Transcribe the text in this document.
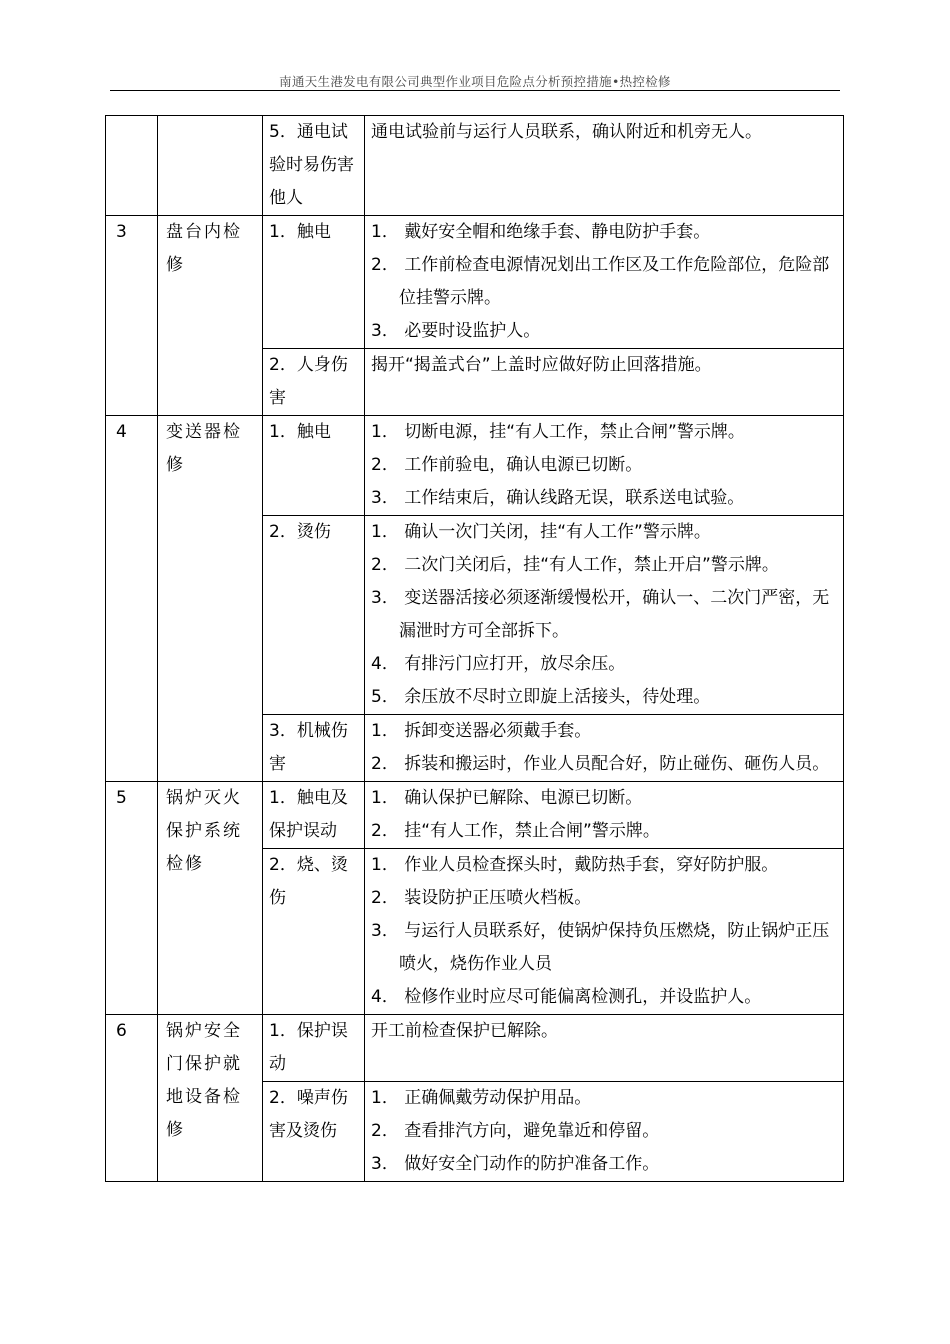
南通天生港发电有限公司典型作业项目危险点分析预控措施•热控检修
		5．通电试验时易伤害他人	通电试验前与运行人员联系，确认附近和机旁无人。
3	盘台内检修	1．触电	1． 戴好安全帽和绝缘手套、静电防护手套。
2． 工作前检查电源情况划出工作区及工作危险部位，危险部位挂警示牌。
3． 必要时设监护人。

		2．人身伤害	揭开“揭盖式台”上盖时应做好防止回落措施。
4	变送器检修	1．触电	1． 切断电源，挂“有人工作，禁止合闸”警示牌。
2． 工作前验电，确认电源已切断。
3． 工作结束后，确认线路无误，联系送电试验。

		2．烫伤	1． 确认一次门关闭，挂“有人工作”警示牌。
2． 二次门关闭后，挂“有人工作，禁止开启”警示牌。
3． 变送器活接必须逐渐缓慢松开，确认一、二次门严密，无漏泄时方可全部拆下。
4． 有排污门应打开，放尽余压。
5． 余压放不尽时立即旋上活接头，待处理。

		3．机械伤害	1． 拆卸变送器必须戴手套。
2． 拆装和搬运时，作业人员配合好，防止碰伤、砸伤人员。

5	锅炉灭火保护系统检修	1．触电及保护误动	1． 确认保护已解除、电源已切断。
2． 挂“有人工作，禁止合闸”警示牌。

		2．烧、烫伤	1． 作业人员检查探头时，戴防热手套，穿好防护服。
2． 装设防护正压喷火档板。
3． 与运行人员联系好，使锅炉保持负压燃烧，防止锅炉正压喷火，烧伤作业人员
4． 检修作业时应尽可能偏离检测孔，并设监护人。

6	锅炉安全门保护就地设备检修	1．保护误动	开工前检查保护已解除。
		2．噪声伤害及烫伤	1． 正确佩戴劳动保护用品。
2． 查看排汽方向，避免靠近和停留。
3． 做好安全门动作的防护准备工作。
